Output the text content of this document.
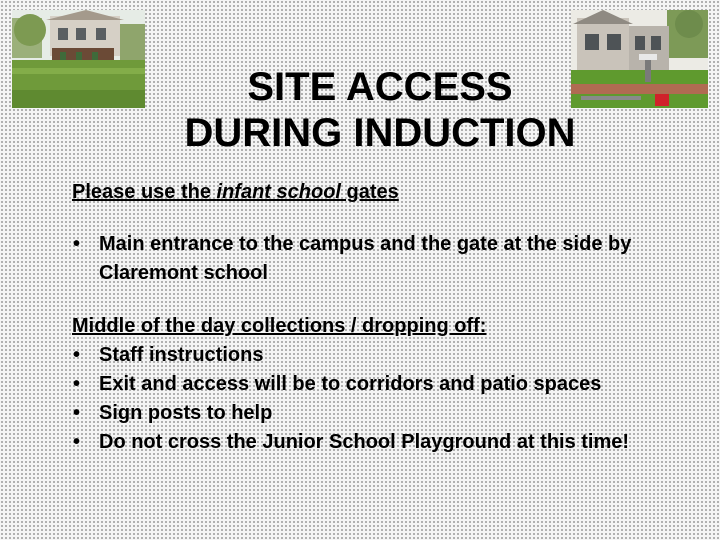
SITE ACCESS
DURING INDUCTION
Please use the infant school gates
• Main entrance to the campus and the gate at the side by Claremont school
Middle of the day collections / dropping off:
• Staff instructions
• Exit and access will be to corridors and patio spaces
• Sign posts to help
• Do not cross the Junior School Playground at this time!
